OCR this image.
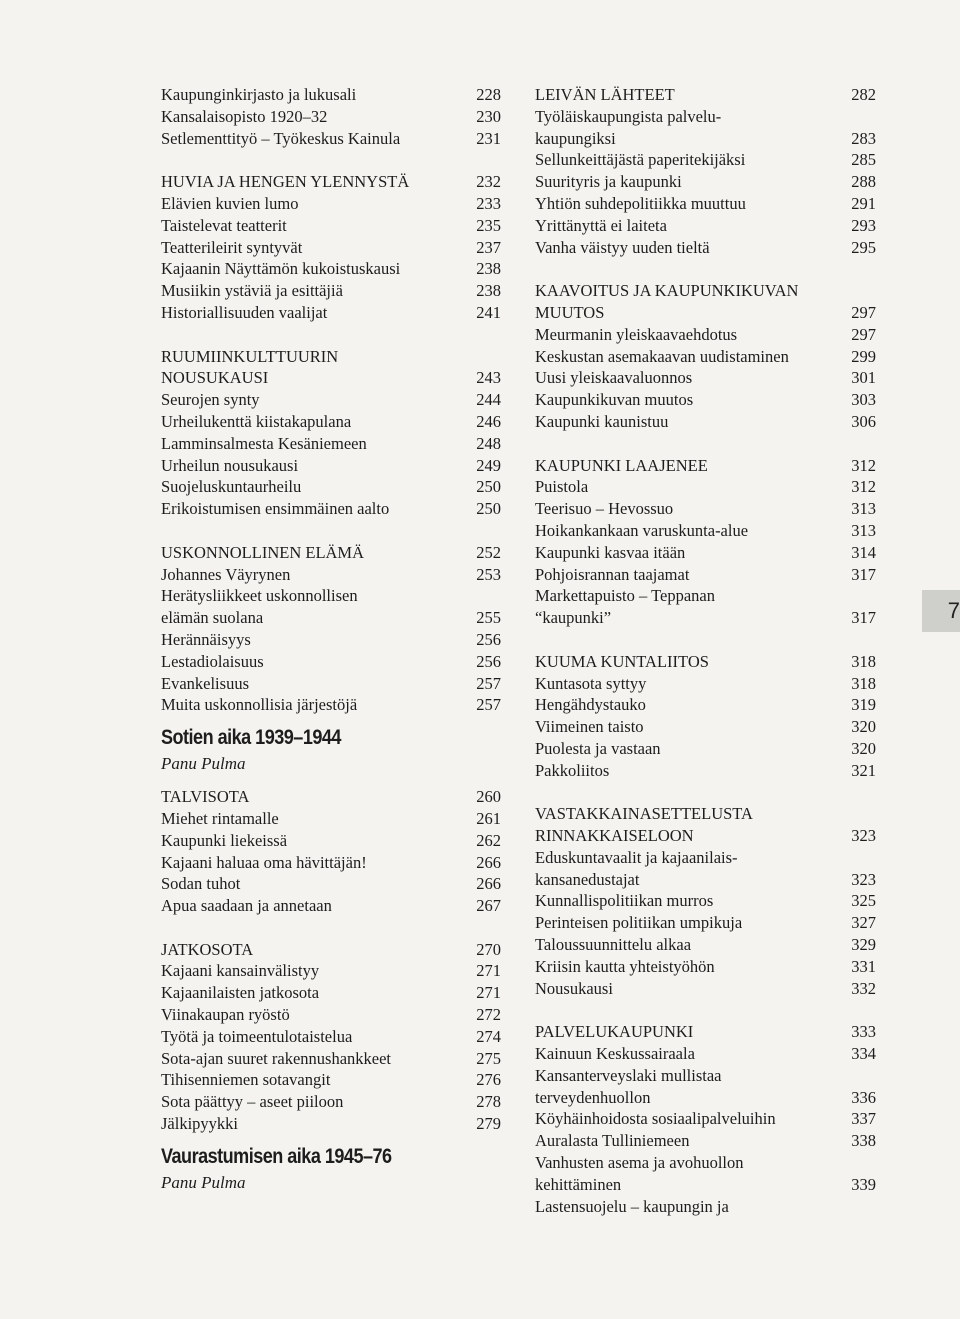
Kaupunginkirjasto ja lukusali	228
Kansalaisopisto 1920–32	230
Setlementtityö – Työkeskus Kainula	231
HUVIA JA HENGEN YLENNYSTÄ	232
Elävien kuvien lumo	233
Taistelevat teatterit	235
Teatterileirit syntyvät	237
Kajaanin Näyttämön kukoistuskausi	238
Musiikin ystäviä ja esittäjiä	238
Historiallisuuden vaalijat	241
RUUMIINKULTTUURIN
NOUSUKAUSI	243
Seurojen synty	244
Urheilukenttä kiistakapulana	246
Lamminsalmesta Kesäniemeen	248
Urheilun nousukausi	249
Suojeluskuntaurheilu	250
Erikoistumisen ensimmäinen aalto	250
USKONNOLLINEN ELÄMÄ	252
Johannes Väyrynen	253
Herätysliikkeet uskonnollisen
elämän suolana	255
Herännäisyys	256
Lestadiolaisuus	256
Evankelisuus	257
Muita uskonnollisia järjestöjä	257
Sotien aika 1939–1944
Panu Pulma
TALVISOTA	260
Miehet rintamalle	261
Kaupunki liekeissä	262
Kajaani haluaa oma hävittäjän!	266
Sodan tuhot	266
Apua saadaan ja annetaan	267
JATKOSOTA	270
Kajaani kansainvälistyy	271
Kajaanilaisten jatkosota	271
Viinakaupan ryöstö	272
Työtä ja toimeentulotaistelua	274
Sota-ajan suuret rakennushankkeet	275
Tihisenniemen sotavangit	276
Sota päättyy – aseet piiloon	278
Jälkipyykki	279
Vaurastumisen aika 1945–76
Panu Pulma
LEIVÄN LÄHTEET	282
Työläiskaupungista palvelu-
kaupungiksi	283
Sellunkeittäjästä paperitekijäksi	285
Suurityris ja kaupunki	288
Yhtiön suhdepolitiikka muuttuu	291
Yrittänyttä ei laiteta	293
Vanha väistyy uuden tieltä	295
KAAVOITUS JA KAUPUNKIKUVAN
MUUTOS	297
Meurmanin yleiskaavaehdotus	297
Keskustan asemakaavan uudistaminen	299
Uusi yleiskaavaluonnos	301
Kaupunkikuvan muutos	303
Kaupunki kaunistuu	306
KAUPUNKI LAAJENEE	312
Puistola	312
Teerisuo – Hevossuo	313
Hoikankankaan varuskunta-alue	313
Kaupunki kasvaa itään	314
Pohjoisrannan taajamat	317
Markettapuisto – Teppanan
“kaupunki”	317
KUUMA KUNTALIITOS	318
Kuntasota syttyy	318
Hengähdystauko	319
Viimeinen taisto	320
Puolesta ja vastaan	320
Pakkoliitos	321
VASTAKKAINASETTELUSTA
RINNAKKAISELOON	323
Eduskuntavaalit ja kajaanilais-
kansanedustajat	323
Kunnallispolitiikan murros	325
Perinteisen politiikan umpikuja	327
Taloussuunnittelu alkaa	329
Kriisin kautta yhteistyöhön	331
Nousukausi	332
PALVELUKAUPUNKI	333
Kainuun Keskussairaala	334
Kansanterveyslaki mullistaa
terveydenhuollon	336
Köyhäinhoidosta sosiaalipalveluihin	337
Auralasta Tulliniemeen	338
Vanhusten asema ja avohuollon
kehittäminen	339
Lastensuojelu – kaupungin ja
7
